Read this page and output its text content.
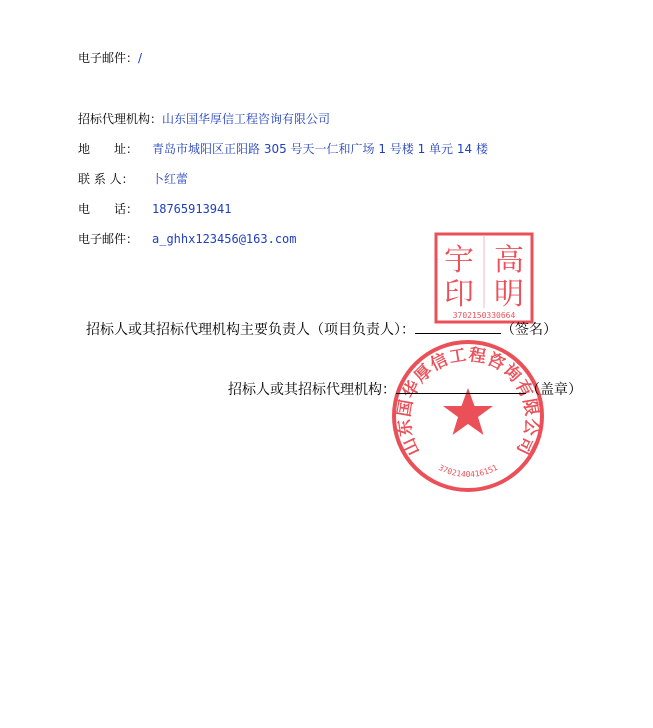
电子邮件：/
招标代理机构：山东国华厚信工程咨询有限公司
地　　址： 青岛市城阳区正阳路 305 号天一仁和广场 1 号楼 1 单元 14 楼
联 系 人： 卜红蕾
电　　话： 18765913941
电子邮件： a_ghhx123456@163.com
宇 高
印 明
3702150330664
山东国华厚信工程咨询有限公司
3702140416151
招标人或其招标代理机构主要负责人（项目负责人）：	（签名）
招标人或其招标代理机构：	（盖章）
